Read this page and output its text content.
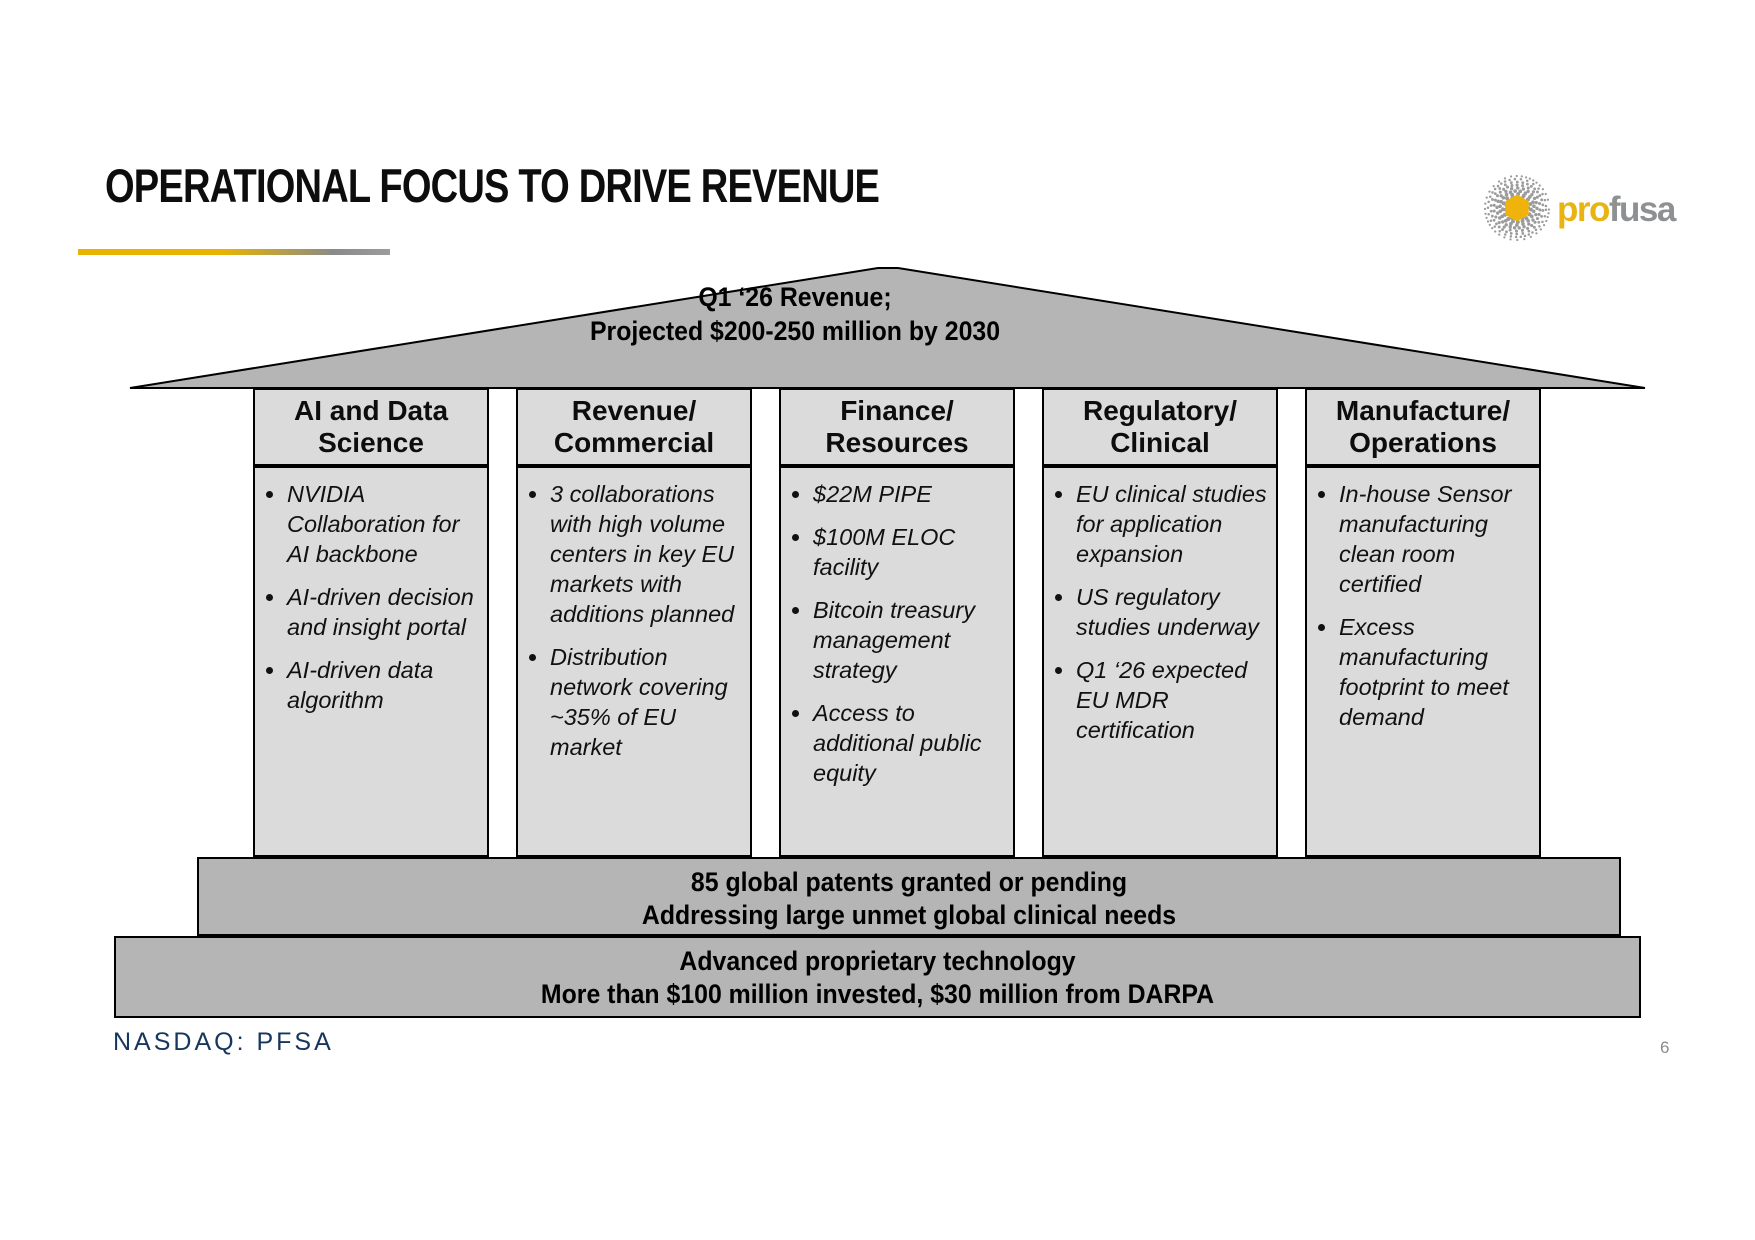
OPERATIONAL FOCUS TO DRIVE REVENUE	profusa
Q1 ‘26 Revenue;
Projected $200-250 million by 2030
AI and Data
Science
• NVIDIA Collaboration for AI backbone
• AI-driven decision and insight portal
• AI-driven data algorithm
Revenue/
Commercial
• 3 collaborations with high volume centers in key EU markets with additions planned
• Distribution network covering ~35% of EU market
Finance/
Resources
• $22M PIPE
• $100M ELOC facility
• Bitcoin treasury management strategy
• Access to additional public equity
Regulatory/
Clinical
• EU clinical studies for application expansion
• US regulatory studies underway
• Q1 ‘26 expected EU MDR certification
Manufacture/
Operations
• In-house Sensor manufacturing clean room certified
• Excess manufacturing footprint to meet demand
85 global patents granted or pending
Addressing large unmet global clinical needs
Advanced proprietary technology
More than $100 million invested, $30 million from DARPA
NASDAQ: PFSA	6
